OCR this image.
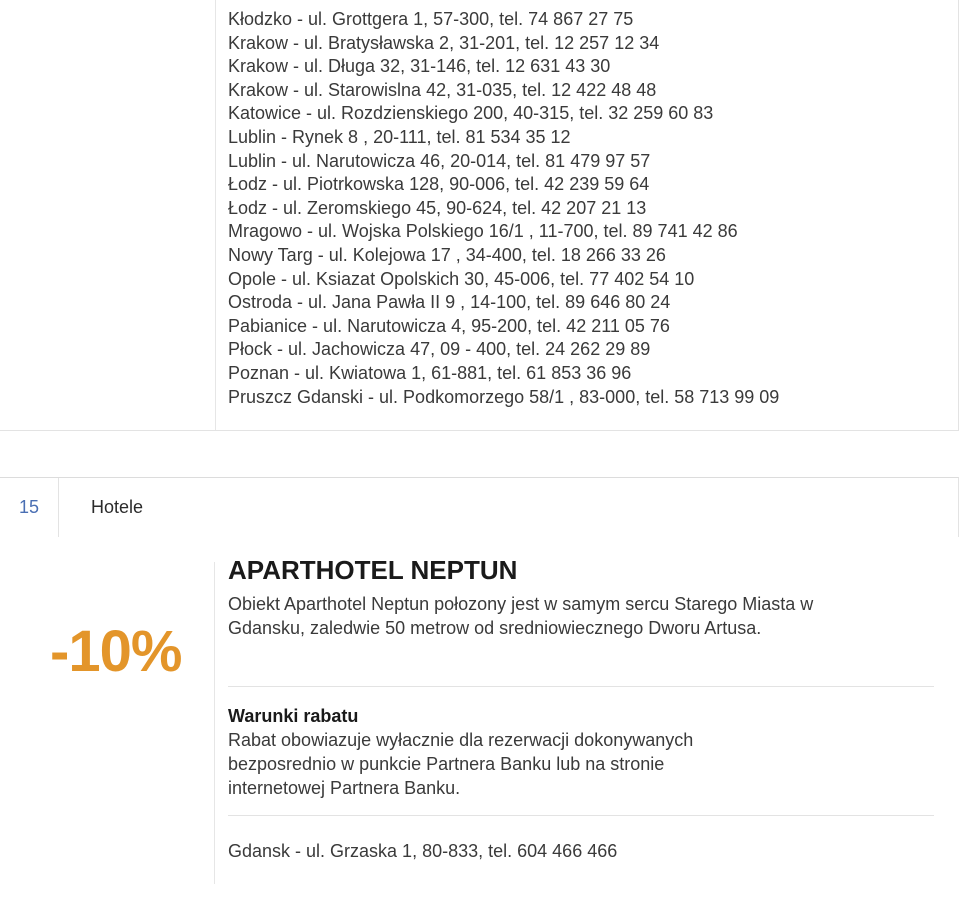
Kłodzko - ul. Grottgera 1, 57-300, tel. 74 867 27 75
Krakow - ul. Bratysławska 2, 31-201, tel. 12 257 12 34
Krakow - ul. Długa 32, 31-146, tel. 12 631 43 30
Krakow - ul. Starowislna 42, 31-035, tel. 12 422 48 48
Katowice - ul. Rozdzienskiego 200, 40-315, tel. 32 259 60 83
Lublin - Rynek 8 , 20-111, tel. 81 534 35 12
Lublin - ul. Narutowicza 46, 20-014, tel. 81 479 97 57
Łodz - ul. Piotrkowska 128, 90-006, tel. 42 239 59 64
Łodz - ul. Zeromskiego 45, 90-624, tel. 42 207 21 13
Mragowo - ul. Wojska Polskiego 16/1 , 11-700, tel. 89 741 42 86
Nowy Targ - ul. Kolejowa 17 , 34-400, tel. 18 266 33 26
Opole - ul. Ksiazat Opolskich 30, 45-006, tel. 77 402 54 10
Ostroda - ul. Jana Pawła II 9 , 14-100, tel. 89 646 80 24
Pabianice - ul. Narutowicza 4, 95-200, tel. 42 211 05 76
Płock - ul. Jachowicza 47, 09 - 400, tel. 24 262 29 89
Poznan - ul. Kwiatowa 1, 61-881, tel. 61 853 36 96
Pruszcz Gdanski - ul. Podkomorzego 58/1 , 83-000, tel. 58 713 99 09
15	Hotele
-10%
APARTHOTEL NEPTUN
Obiekt Aparthotel Neptun połozony jest w samym sercu Starego Miasta w Gdansku, zaledwie 50 metrow od sredniowiecznego Dworu Artusa.
Warunki rabatu
Rabat obowiazuje wyłacznie dla rezerwacji dokonywanych bezposrednio w punkcie Partnera Banku lub na stronie internetowej Partnera Banku.
Gdansk - ul. Grzaska 1, 80-833, tel. 604 466 466
